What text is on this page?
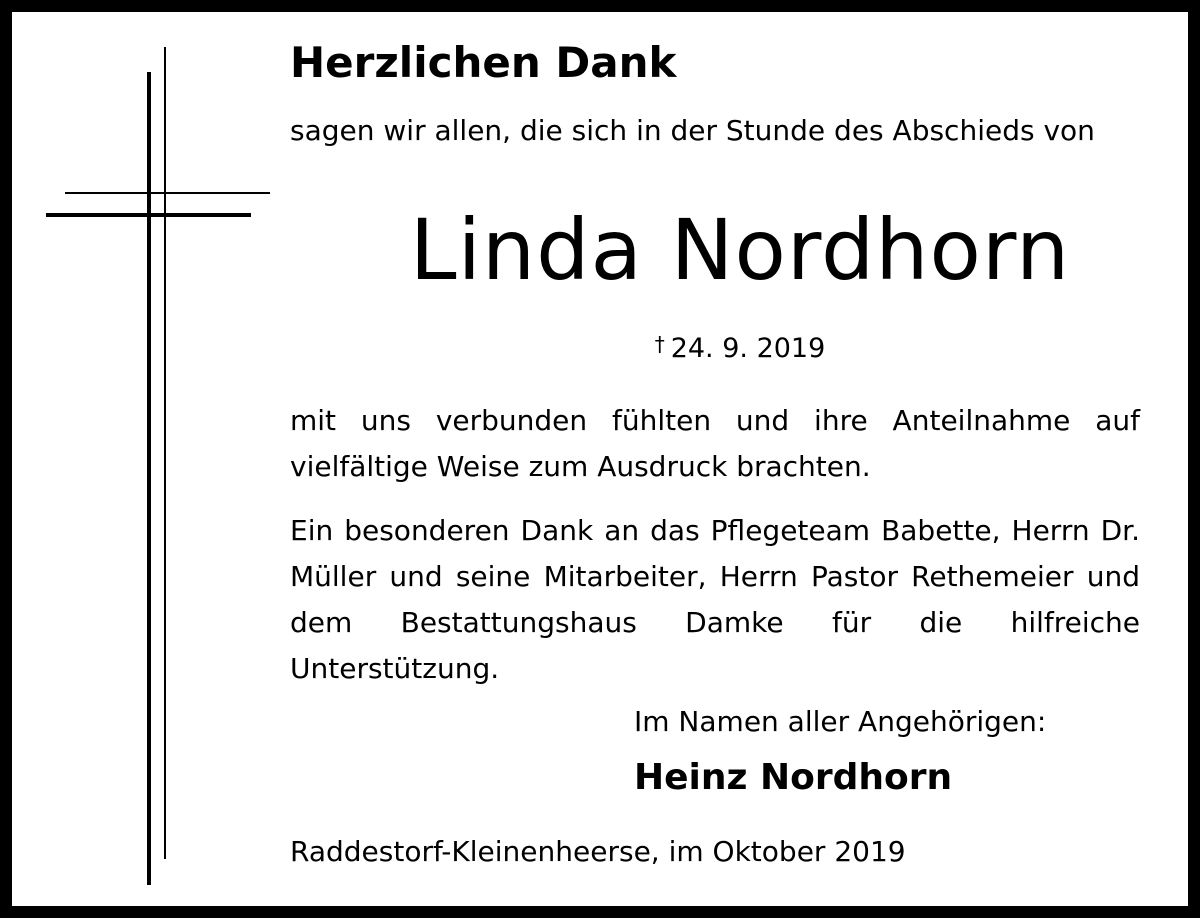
Herzlichen Dank
sagen wir allen, die sich in der Stunde des Abschieds von
Linda Nordhorn
† 24. 9. 2019
mit uns verbunden fühlten und ihre Anteilnahme auf vielfältige Weise zum Ausdruck brachten.
Ein besonderen Dank an das Pflegeteam Babette, Herrn Dr. Müller und seine Mitarbeiter, Herrn Pastor Rethemeier und dem Bestattungshaus Damke für die hilfreiche Unterstützung.
Im Namen aller Angehörigen:
Heinz Nordhorn
Raddestorf-Kleinenheerse, im Oktober 2019
